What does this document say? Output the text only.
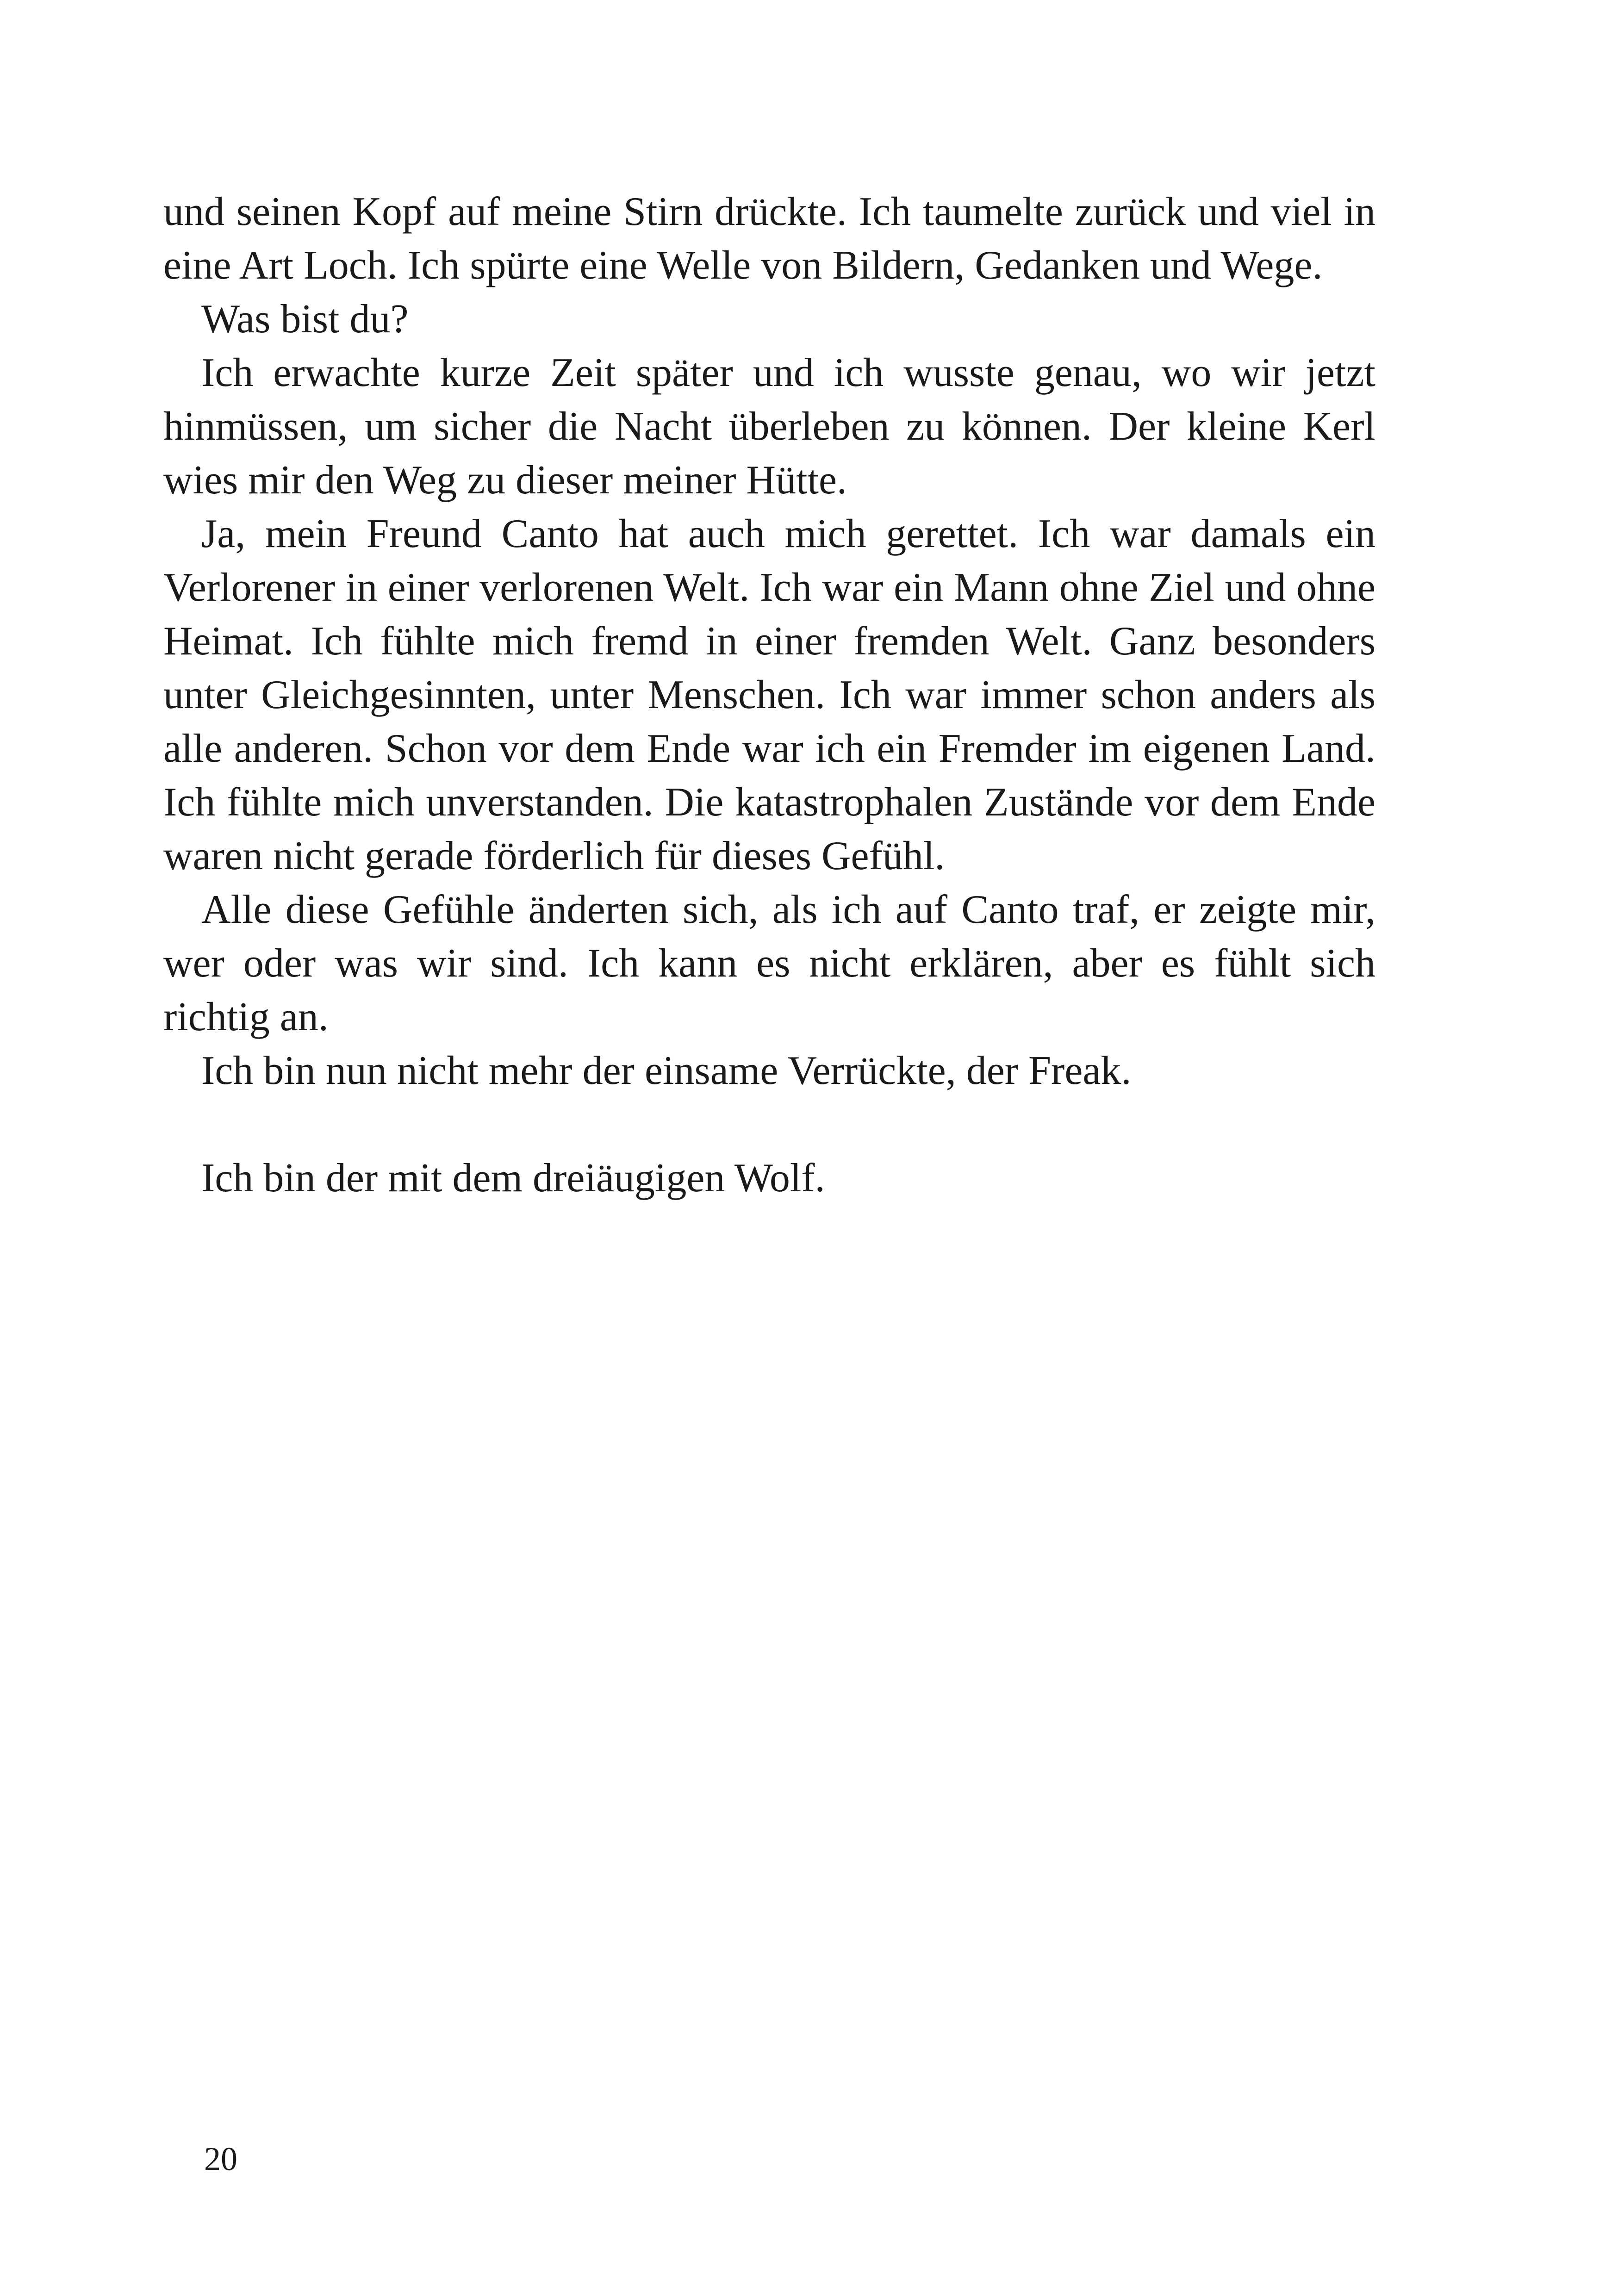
und seinen Kopf auf meine Stirn drückte. Ich taumelte zurück und viel in eine Art Loch. Ich spürte eine Welle von Bildern, Gedanken und Wege.

Was bist du?

Ich erwachte kurze Zeit später und ich wusste genau, wo wir jetzt hinmüssen, um sicher die Nacht überleben zu können. Der kleine Kerl wies mir den Weg zu dieser meiner Hütte.

Ja, mein Freund Canto hat auch mich gerettet. Ich war damals ein Verlorener in einer verlorenen Welt. Ich war ein Mann ohne Ziel und ohne Heimat. Ich fühlte mich fremd in einer fremden Welt. Ganz besonders unter Gleichgesinnten, unter Menschen. Ich war immer schon anders als alle anderen. Schon vor dem Ende war ich ein Fremder im eigenen Land. Ich fühlte mich unverstanden. Die katastrophalen Zustände vor dem Ende waren nicht gerade förderlich für dieses Gefühl.

Alle diese Gefühle änderten sich, als ich auf Canto traf, er zeigte mir, wer oder was wir sind. Ich kann es nicht erklären, aber es fühlt sich richtig an.

Ich bin nun nicht mehr der einsame Verrückte, der Freak.

Ich bin der mit dem dreiäugigen Wolf.

20
